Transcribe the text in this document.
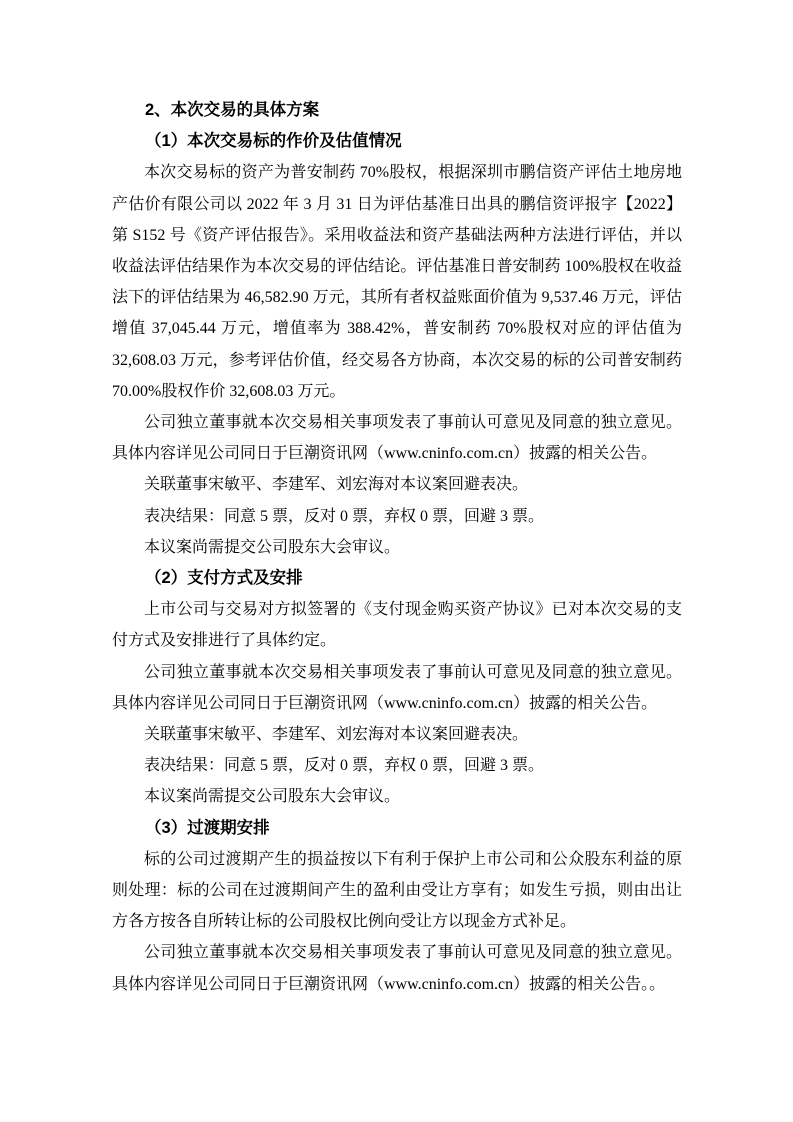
2、本次交易的具体方案
（1）本次交易标的作价及估值情况

本次交易标的资产为普安制药 70%股权，根据深圳市鹏信资产评估土地房地产估价有限公司以 2022 年 3 月 31 日为评估基准日出具的鹏信资评报字【2022】第 S152 号《资产评估报告》。采用收益法和资产基础法两种方法进行评估，并以收益法评估结果作为本次交易的评估结论。评估基准日普安制药 100%股权在收益法下的评估结果为 46,582.90 万元，其所有者权益账面价值为 9,537.46 万元，评估增值 37,045.44 万元，增值率为 388.42%，普安制药 70%股权对应的评估值为 32,608.03 万元，参考评估价值，经交易各方协商，本次交易的标的公司普安制药 70.00%股权作价 32,608.03 万元。

公司独立董事就本次交易相关事项发表了事前认可意见及同意的独立意见。具体内容详见公司同日于巨潮资讯网（www.cninfo.com.cn）披露的相关公告。

关联董事宋敏平、李建军、刘宏海对本议案回避表决。

表决结果：同意 5 票，反对 0 票，弃权 0 票，回避 3 票。

本议案尚需提交公司股东大会审议。

（2）支付方式及安排

上市公司与交易对方拟签署的《支付现金购买资产协议》已对本次交易的支付方式及安排进行了具体约定。

公司独立董事就本次交易相关事项发表了事前认可意见及同意的独立意见。具体内容详见公司同日于巨潮资讯网（www.cninfo.com.cn）披露的相关公告。

关联董事宋敏平、李建军、刘宏海对本议案回避表决。

表决结果：同意 5 票，反对 0 票，弃权 0 票，回避 3 票。

本议案尚需提交公司股东大会审议。

（3）过渡期安排

标的公司过渡期产生的损益按以下有利于保护上市公司和公众股东利益的原则处理：标的公司在过渡期间产生的盈利由受让方享有；如发生亏损，则由出让方各方按各自所转让标的公司股权比例向受让方以现金方式补足。

公司独立董事就本次交易相关事项发表了事前认可意见及同意的独立意见。具体内容详见公司同日于巨潮资讯网（www.cninfo.com.cn）披露的相关公告。。
